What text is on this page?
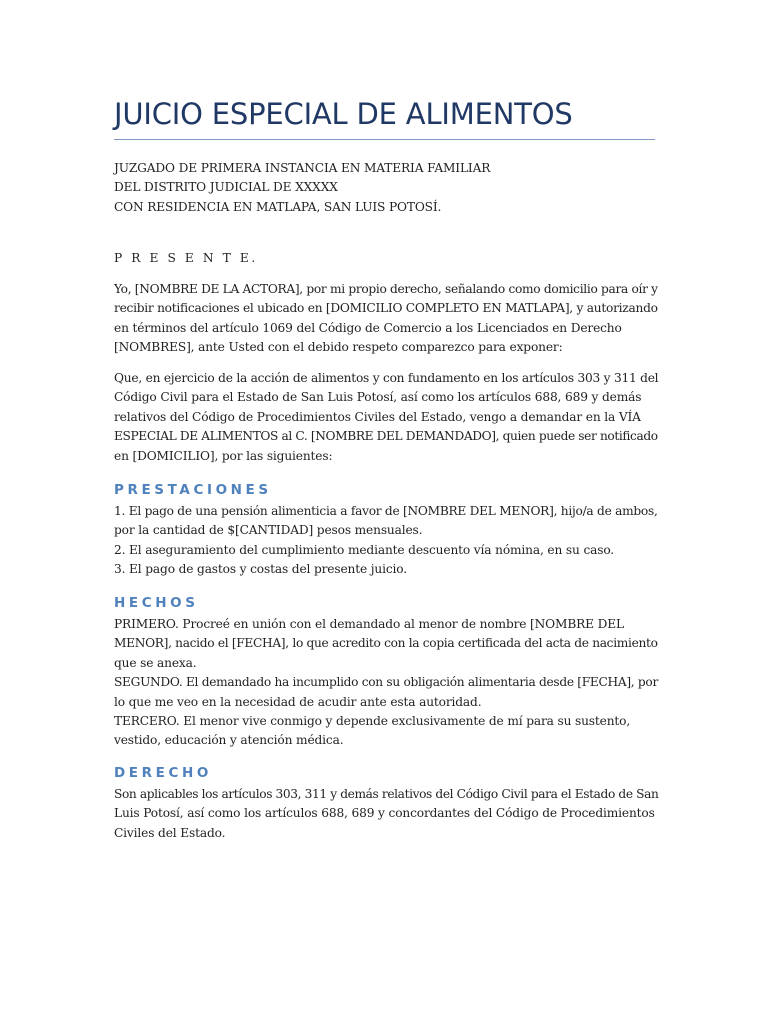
JUICIO ESPECIAL DE ALIMENTOS
JUZGADO DE PRIMERA INSTANCIA EN MATERIA FAMILIAR
DEL DISTRITO JUDICIAL DE XXXXX
CON RESIDENCIA EN MATLAPA, SAN LUIS POTOSÍ.
P R E S E N T E.
Yo, [NOMBRE DE LA ACTORA], por mi propio derecho, señalando como domicilio para oír y
recibir notificaciones el ubicado en [DOMICILIO COMPLETO EN MATLAPA], y autorizando
en términos del artículo 1069 del Código de Comercio a los Licenciados en Derecho
[NOMBRES], ante Usted con el debido respeto comparezco para exponer:
Que, en ejercicio de la acción de alimentos y con fundamento en los artículos 303 y 311 del
Código Civil para el Estado de San Luis Potosí, así como los artículos 688, 689 y demás
relativos del Código de Procedimientos Civiles del Estado, vengo a demandar en la VÍA
ESPECIAL DE ALIMENTOS al C. [NOMBRE DEL DEMANDADO], quien puede ser notificado
en [DOMICILIO], por las siguientes:
PRESTACIONES
1. El pago de una pensión alimenticia a favor de [NOMBRE DEL MENOR], hijo/a de ambos,
por la cantidad de $[CANTIDAD] pesos mensuales.
2. El aseguramiento del cumplimiento mediante descuento vía nómina, en su caso.
3. El pago de gastos y costas del presente juicio.
HECHOS
PRIMERO. Procreé en unión con el demandado al menor de nombre [NOMBRE DEL
MENOR], nacido el [FECHA], lo que acredito con la copia certificada del acta de nacimiento
que se anexa.
SEGUNDO. El demandado ha incumplido con su obligación alimentaria desde [FECHA], por
lo que me veo en la necesidad de acudir ante esta autoridad.
TERCERO. El menor vive conmigo y depende exclusivamente de mí para su sustento,
vestido, educación y atención médica.
DERECHO
Son aplicables los artículos 303, 311 y demás relativos del Código Civil para el Estado de San
Luis Potosí, así como los artículos 688, 689 y concordantes del Código de Procedimientos
Civiles del Estado.
